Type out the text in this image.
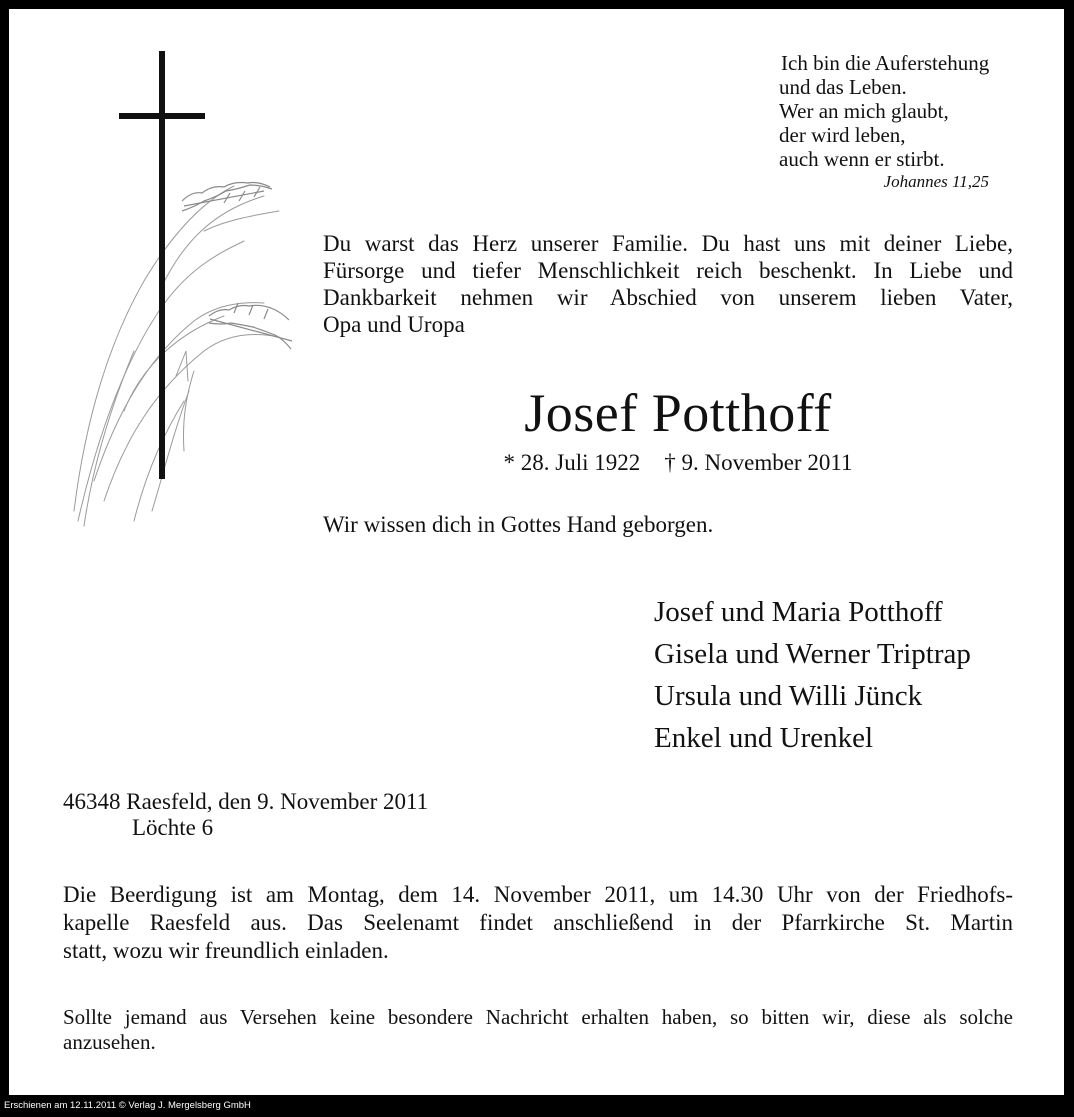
Ich bin die Auferstehung
und das Leben.
Wer an mich glaubt,
der wird leben,
auch wenn er stirbt.
Johannes 11,25
Du warst das Herz unserer Familie. Du hast uns mit deiner Liebe,
Fürsorge und tiefer Menschlichkeit reich beschenkt. In Liebe und
Dankbarkeit nehmen wir Abschied von unserem lieben Vater,
Opa und Uropa
Josef Potthoff
* 28. Juli 1922 † 9. November 2011

Wir wissen dich in Gottes Hand geborgen.

Josef und Maria Potthoff
Gisela und Werner Triptrap
Ursula und Willi Jünck
Enkel und Urenkel
46348 Raesfeld, den 9. November 2011
Löchte 6
Die Beerdigung ist am Montag, dem 14. November 2011, um 14.30 Uhr von der Friedhofs-
kapelle Raesfeld aus. Das Seelenamt findet anschließend in der Pfarrkirche St. Martin
statt, wozu wir freundlich einladen.
Sollte jemand aus Versehen keine besondere Nachricht erhalten haben, so bitten wir, diese als solche
anzusehen.
Erschienen am 12.11.2011 © Verlag J. Mergelsberg GmbH
